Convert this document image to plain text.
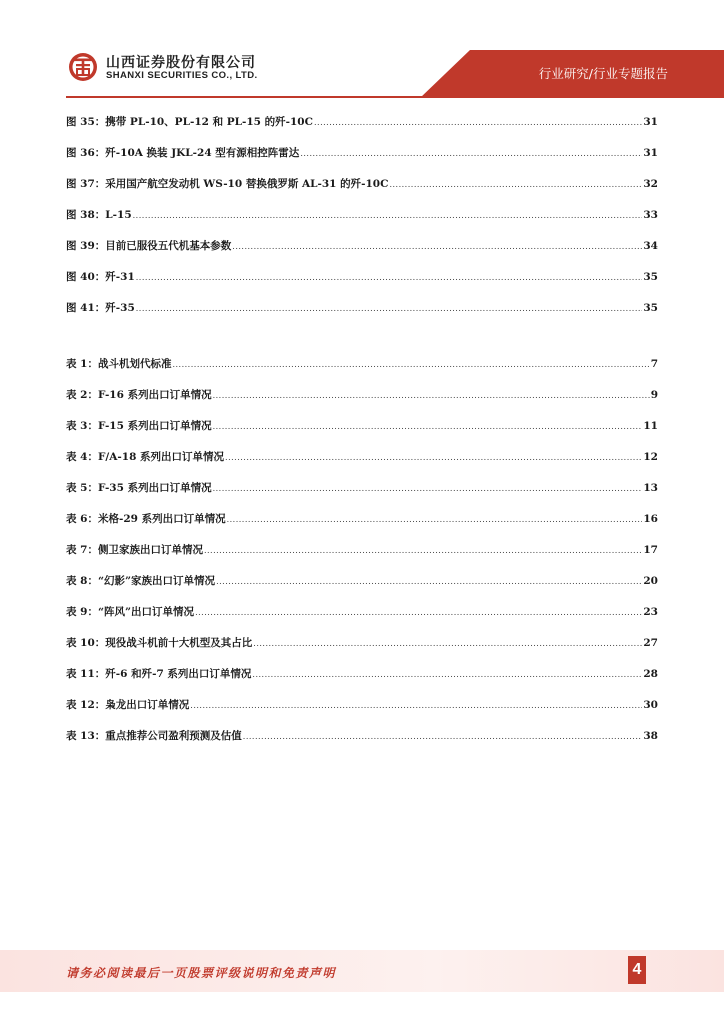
山西证券股份有限公司
SHANXI SECURITIES CO., LTD.	行业研究/行业专题报告
图 35： 携带 PL-10、PL-12 和 PL-15 的歼-10C .....	31
图 36： 歼-10A 换装 JKL-24 型有源相控阵雷达 .....	31
图 37： 采用国产航空发动机 WS-10 替换俄罗斯 AL-31 的歼-10C .....	32
图 38： L-15 .....	33
图 39： 目前已服役五代机基本参数 .....	34
图 40： 歼-31 .....	35
图 41： 歼-35 .....	35
表 1： 战斗机划代标准 .....	7
表 2： F-16 系列出口订单情况 .....	9
表 3： F-15 系列出口订单情况 .....	11
表 4： F/A-18 系列出口订单情况 .....	12
表 5： F-35 系列出口订单情况 .....	13
表 6： 米格-29 系列出口订单情况 .....	16
表 7： 侧卫家族出口订单情况 .....	17
表 8： “幻影”家族出口订单情况 .....	20
表 9： “阵风”出口订单情况 .....	23
表 10： 现役战斗机前十大机型及其占比 .....	27
表 11： 歼-6 和歼-7 系列出口订单情况 .....	28
表 12： 枭龙出口订单情况 .....	30
表 13： 重点推荐公司盈利预测及估值 .....	38
请务必阅读最后一页股票评级说明和免责声明	4
